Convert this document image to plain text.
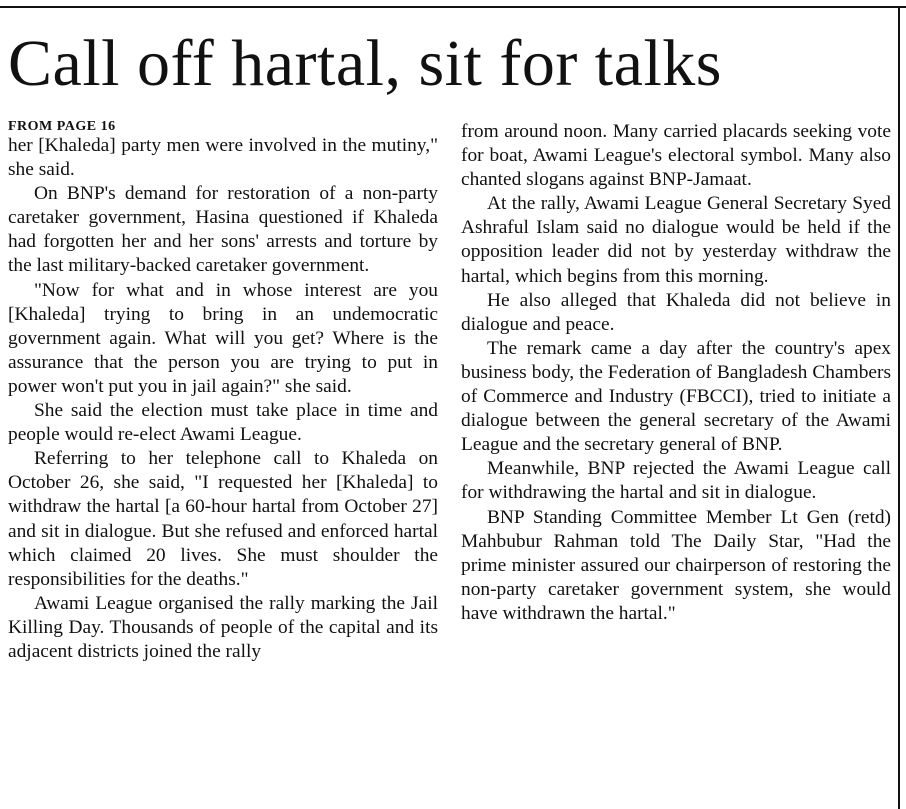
Call off hartal, sit for talks
FROM PAGE 16

her [Khaleda] party men were involved in the mutiny," she said.

On BNP's demand for restoration of a non-party caretaker government, Hasina questioned if Khaleda had forgotten her and her sons' arrests and torture by the last military-backed caretaker government.

"Now for what and in whose interest are you [Khaleda] trying to bring in an undemocratic government again. What will you get? Where is the assurance that the person you are trying to put in power won't put you in jail again?" she said.

She said the election must take place in time and people would re-elect Awami League.

Referring to her telephone call to Khaleda on October 26, she said, "I requested her [Khaleda] to withdraw the hartal [a 60-hour hartal from October 27] and sit in dialogue. But she refused and enforced hartal which claimed 20 lives. She must shoulder the responsibilities for the deaths."

Awami League organised the rally marking the Jail Killing Day. Thousands of people of the capital and its adjacent districts joined the rally

from around noon. Many carried placards seeking vote for boat, Awami League's electoral symbol. Many also chanted slogans against BNP-Jamaat.

At the rally, Awami League General Secretary Syed Ashraful Islam said no dialogue would be held if the opposition leader did not by yesterday withdraw the hartal, which begins from this morning.

He also alleged that Khaleda did not believe in dialogue and peace.

The remark came a day after the country's apex business body, the Federation of Bangladesh Chambers of Commerce and Industry (FBCCI), tried to initiate a dialogue between the general secretary of the Awami League and the secretary general of BNP.

Meanwhile, BNP rejected the Awami League call for withdrawing the hartal and sit in dialogue.

BNP Standing Committee Member Lt Gen (retd) Mahbubur Rahman told The Daily Star, "Had the prime minister assured our chairperson of restoring the non-party caretaker government system, she would have withdrawn the hartal."
